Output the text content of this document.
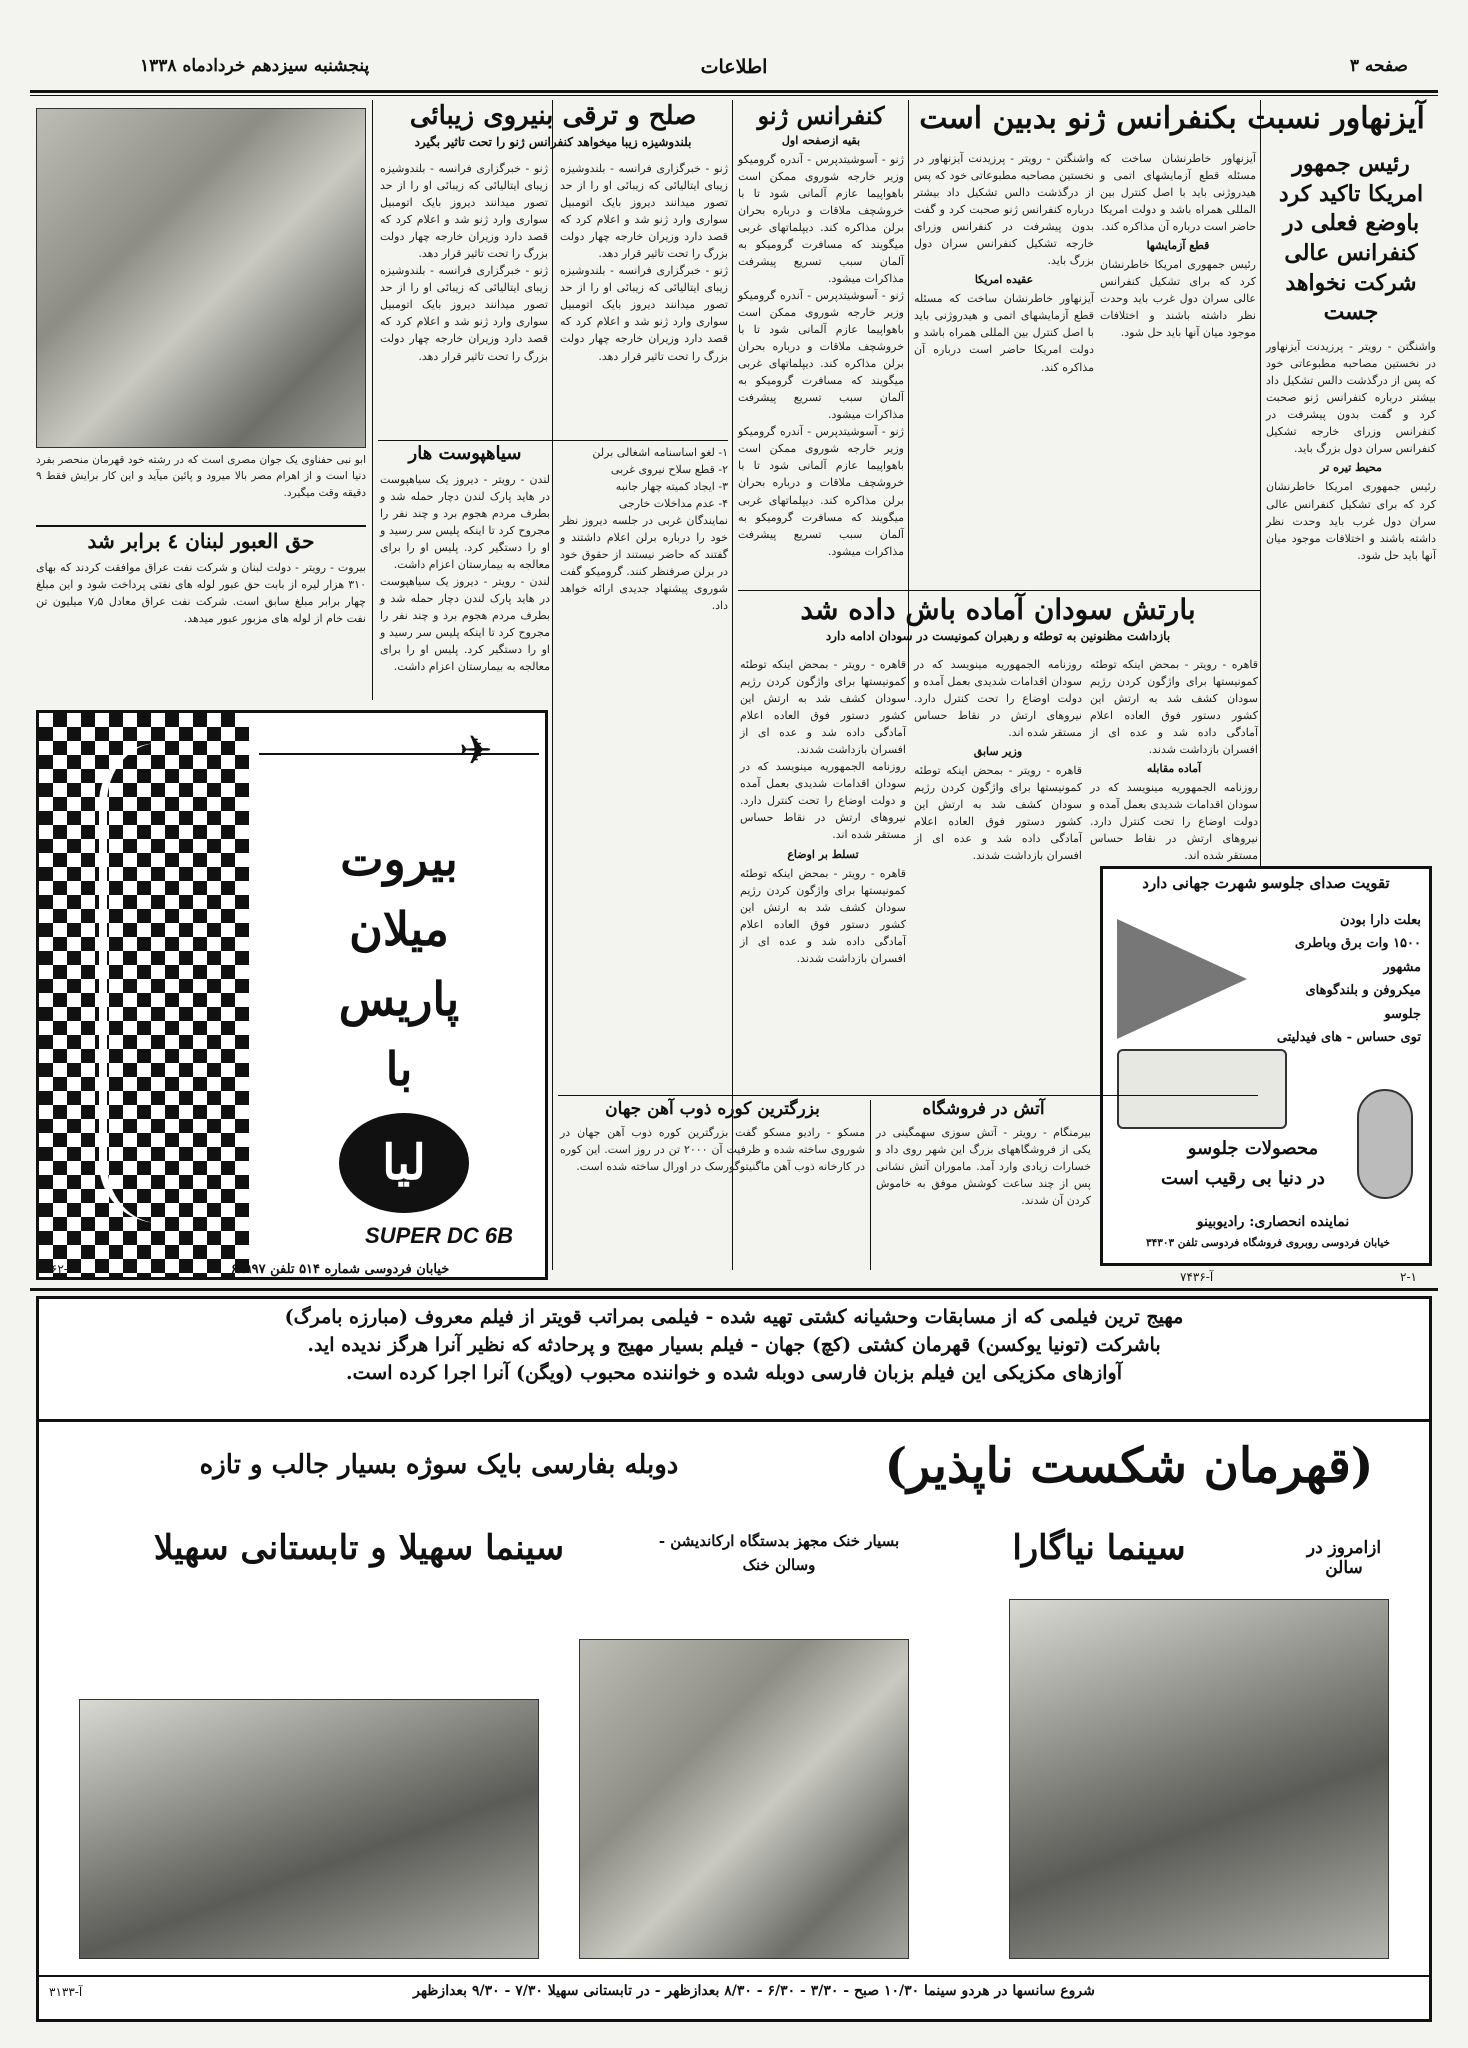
صفحه ۳
اطلاعات
پنجشنبه سیزدهم خردادماه ۱۳۳۸
آیزنهاور نسبت بکنفرانس ژنو بدبین است
رئیس جمهور امریکا تاکید کرد باوضع فعلی در کنفرانس عالی شرکت نخواهد جست
واشنگتن - رویتر - پرزیدنت آیزنهاور در نخستین مصاحبه مطبوعاتی خود که پس از درگذشت دالس تشکیل داد بیشتر درباره کنفرانس ژنو صحبت کرد و گفت بدون پیشرفت در کنفرانس وزرای خارجه تشکیل کنفرانس سران دول بزرگ باید.
محیط تیره تر
رئیس جمهوری امریکا خاطرنشان کرد که برای تشکیل کنفرانس عالی سران دول غرب باید وحدت نظر داشته باشند و اختلافات موجود میان آنها باید حل شود.
آیزنهاور خاطرنشان ساخت که مسئله قطع آزمایشهای اتمی و هیدروژنی باید با اصل کنترل بین المللی همراه باشد و دولت امریکا حاضر است درباره آن مذاکره کند.
قطع آزمایشها
رئیس جمهوری امریکا خاطرنشان کرد که برای تشکیل کنفرانس عالی سران دول غرب باید وحدت نظر داشته باشند و اختلافات موجود میان آنها باید حل شود.
واشنگتن - رویتر - پرزیدنت آیزنهاور در نخستین مصاحبه مطبوعاتی خود که پس از درگذشت دالس تشکیل داد بیشتر درباره کنفرانس ژنو صحبت کرد و گفت بدون پیشرفت در کنفرانس وزرای خارجه تشکیل کنفرانس سران دول بزرگ باید.
عقیده امریکا
آیزنهاور خاطرنشان ساخت که مسئله قطع آزمایشهای اتمی و هیدروژنی باید با اصل کنترل بین المللی همراه باشد و دولت امریکا حاضر است درباره آن مذاکره کند.
کنفرانس ژنو
بقیه ازصفحه اول
ژنو - آسوشیتدپرس - آندره گرومیکو وزیر خارجه شوروی ممکن است باهواپیما عازم آلمانی شود تا با خروشچف ملاقات و درباره بحران برلن مذاکره کند. دیپلماتهای غربی میگویند که مسافرت گرومیکو به آلمان سبب تسریع پیشرفت مذاکرات میشود.
ژنو - آسوشیتدپرس - آندره گرومیکو وزیر خارجه شوروی ممکن است باهواپیما عازم آلمانی شود تا با خروشچف ملاقات و درباره بحران برلن مذاکره کند. دیپلماتهای غربی میگویند که مسافرت گرومیکو به آلمان سبب تسریع پیشرفت مذاکرات میشود.
ژنو - آسوشیتدپرس - آندره گرومیکو وزیر خارجه شوروی ممکن است باهواپیما عازم آلمانی شود تا با خروشچف ملاقات و درباره بحران برلن مذاکره کند. دیپلماتهای غربی میگویند که مسافرت گرومیکو به آلمان سبب تسریع پیشرفت مذاکرات میشود.
صلح و ترقی بنیروی زیبائی
بلندوشیزه زیبا میخواهد کنفرانس ژنو را تحت تاثیر بگیرد
ژنو - خبرگزاری فرانسه - بلندوشیزه زیبای ایتالیائی که زیبائی او را از حد تصور میدانند دیروز بایک اتومبیل سواری وارد ژنو شد و اعلام کرد که قصد دارد وزیران خارجه چهار دولت بزرگ را تحت تاثیر قرار دهد.
ژنو - خبرگزاری فرانسه - بلندوشیزه زیبای ایتالیائی که زیبائی او را از حد تصور میدانند دیروز بایک اتومبیل سواری وارد ژنو شد و اعلام کرد که قصد دارد وزیران خارجه چهار دولت بزرگ را تحت تاثیر قرار دهد.
ژنو - خبرگزاری فرانسه - بلندوشیزه زیبای ایتالیائی که زیبائی او را از حد تصور میدانند دیروز بایک اتومبیل سواری وارد ژنو شد و اعلام کرد که قصد دارد وزیران خارجه چهار دولت بزرگ را تحت تاثیر قرار دهد.
ژنو - خبرگزاری فرانسه - بلندوشیزه زیبای ایتالیائی که زیبائی او را از حد تصور میدانند دیروز بایک اتومبیل سواری وارد ژنو شد و اعلام کرد که قصد دارد وزیران خارجه چهار دولت بزرگ را تحت تاثیر قرار دهد.
ابو نبی حفناوی یک جوان مصری است که در رشته خود قهرمان منحصر بفرد دنیا است و از اهرام مصر بالا میرود و پائین میآید و این کار برایش فقط ۹ دقیقه وقت میگیرد.
حق العبور لبنان ٤ برابر شد
بیروت - رویتر - دولت لبنان و شرکت نفت عراق موافقت کردند که بهای ۳۱۰ هزار لیره از بابت حق عبور لوله های نفتی پرداخت شود و این مبلغ چهار برابر مبلغ سابق است. شرکت نفت عراق معادل ۷٫۵ میلیون تن نفت خام از لوله های مزبور عبور میدهد.
سیاهپوست هار
لندن - رویتر - دیروز یک سیاهپوست در هاید پارک لندن دچار حمله شد و بطرف مردم هجوم برد و چند نفر را مجروح کرد تا اینکه پلیس سر رسید و او را دستگیر کرد. پلیس او را برای معالجه به بیمارستان اعزام داشت.
لندن - رویتر - دیروز یک سیاهپوست در هاید پارک لندن دچار حمله شد و بطرف مردم هجوم برد و چند نفر را مجروح کرد تا اینکه پلیس سر رسید و او را دستگیر کرد. پلیس او را برای معالجه به بیمارستان اعزام داشت.
۱- لغو اساسنامه اشغالی برلن
۲- قطع سلاح نیروی غربی
۳- ایجاد کمیته چهار جانبه
۴- عدم مداخلات خارجی
نمایندگان غربی در جلسه دیروز نظر خود را درباره برلن اعلام داشتند و گفتند که حاضر نیستند از حقوق خود در برلن صرفنظر کنند. گرومیکو گفت شوروی پیشنهاد جدیدی ارائه خواهد داد.	بارتش سودان آماده باش داده شد
بازداشت مظنونین به توطئه و رهبران کمونیست در سودان ادامه دارد
قاهره - رویتر - بمحض اینکه توطئه کمونیستها برای واژگون کردن رژیم سودان کشف شد به ارتش این کشور دستور فوق العاده اعلام آمادگی داده شد و عده ای از افسران بازداشت شدند.
آماده مقابله
روزنامه الجمهوریه مینویسد که در سودان اقدامات شدیدی بعمل آمده و دولت اوضاع را تحت کنترل دارد. نیروهای ارتش در نقاط حساس مستقر شده اند.
روزنامه الجمهوریه مینویسد که در سودان اقدامات شدیدی بعمل آمده و دولت اوضاع را تحت کنترل دارد. نیروهای ارتش در نقاط حساس مستقر شده اند.
وزیر سابق
قاهره - رویتر - بمحض اینکه توطئه کمونیستها برای واژگون کردن رژیم سودان کشف شد به ارتش این کشور دستور فوق العاده اعلام آمادگی داده شد و عده ای از افسران بازداشت شدند.
قاهره - رویتر - بمحض اینکه توطئه کمونیستها برای واژگون کردن رژیم سودان کشف شد به ارتش این کشور دستور فوق العاده اعلام آمادگی داده شد و عده ای از افسران بازداشت شدند.
روزنامه الجمهوریه مینویسد که در سودان اقدامات شدیدی بعمل آمده و دولت اوضاع را تحت کنترل دارد. نیروهای ارتش در نقاط حساس مستقر شده اند.
تسلط بر اوضاع
قاهره - رویتر - بمحض اینکه توطئه کمونیستها برای واژگون کردن رژیم سودان کشف شد به ارتش این کشور دستور فوق العاده اعلام آمادگی داده شد و عده ای از افسران بازداشت شدند.
✈
بیروت
میلان
پاریس
با
لیا
SUPER DC 6B
خیابان فردوسی شماره ۵۱۴ تلفن ۶۸۹۹۷
آ-۸۰۶۲
تقویت صدای جلوسو شهرت جهانی دارد
بعلت دارا بودن
۱۵۰۰ وات برق وباطری مشهور
میکروفن و بلندگوهای جلوسو
توی حساس - های فیدلیتی
محصولات جلوسو
در دنیا بی رقیب است
نماینده انحصاری: رادیوبینو
خیابان فردوسی روبروی فروشگاه فردوسی تلفن ۳۴۳۰۳
آ-۷۴۳۶	۲-۱
بزرگترین کوره ذوب آهن جهان
مسکو - رادیو مسکو گفت بزرگترین کوره ذوب آهن جهان در شوروی ساخته شده و ظرفیت آن ۲۰۰۰ تن در روز است. این کوره در کارخانه ذوب آهن ماگنیتوگورسک در اورال ساخته شده است.
آتش در فروشگاه
بیرمنگام - رویتر - آتش سوزی سهمگینی در یکی از فروشگاههای بزرگ این شهر روی داد و خسارات زیادی وارد آمد. ماموران آتش نشانی پس از چند ساعت کوشش موفق به خاموش کردن آن شدند.
مهیج ترین فیلمی که از مسابقات وحشیانه کشتی تهیه شده - فیلمی بمراتب قویتر از فیلم معروف (مبارزه بامرگ)
باشرکت (تونیا یوکسن) قهرمان کشتی (کچ) جهان - فیلم بسیار مهیج و پرحادثه که نظیر آنرا هرگز ندیده اید.
آوازهای مکزیکی این فیلم بزبان فارسی دوبله شده و خواننده محبوب (ویگن) آنرا اجرا کرده است.
(قهرمان شکست ناپذیر)
دوبله بفارسی بایک سوژه بسیار جالب و تازه
ازامروز در سالن
سینما نیاگارا
بسیار خنک مجهز بدستگاه ارکاندیشن - وسالن خنک
سینما سهیلا و تابستانی سهیلا
شروع سانسها در هردو سینما ۱۰/۳۰ صبح - ۳/۳۰ - ۶/۳۰ - ۸/۳۰ بعدازظهر - در تابستانی سهیلا ۷/۳۰ - ۹/۳۰ بعدازظهر
آ-۳۱۳۳
